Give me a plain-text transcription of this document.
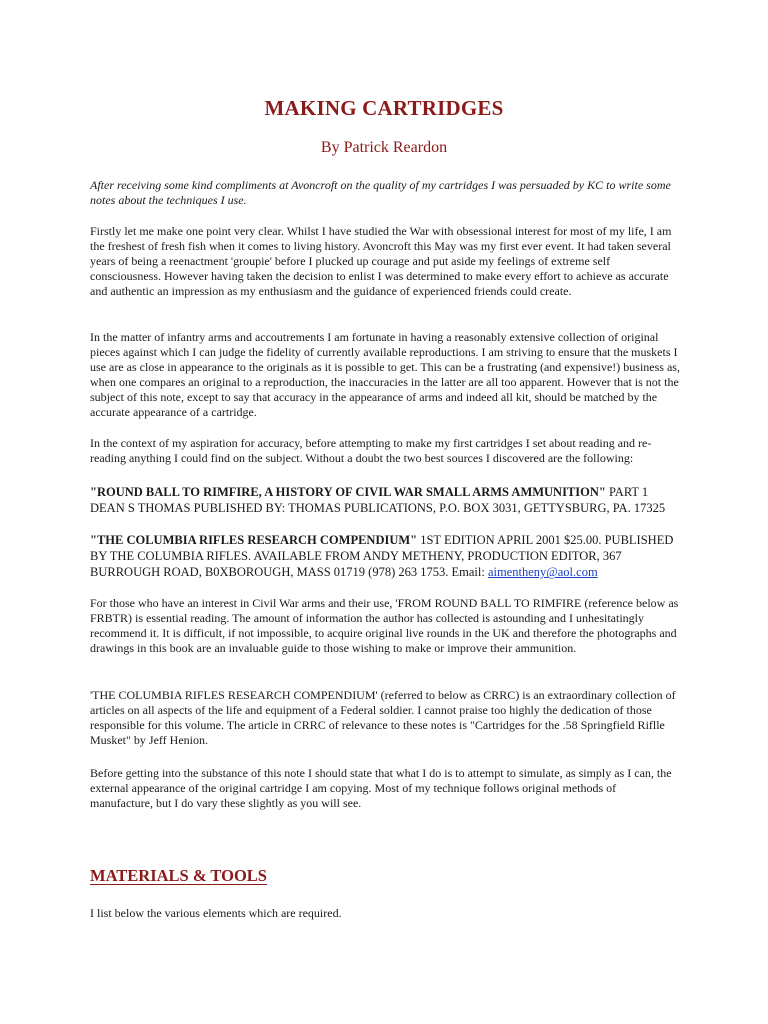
MAKING CARTRIDGES

By Patrick Reardon

After receiving some kind compliments at Avoncroft on the quality of my cartridges I was persuaded by KC to write some notes about the techniques I use.

Firstly let me make one point very clear. Whilst I have studied the War with obsessional interest for most of my life, I am the freshest of fresh fish when it comes to living history. Avoncroft this May was my first ever event. It had taken several years of being a reenactment 'groupie' before I plucked up courage and put aside my feelings of extreme self consciousness. However having taken the decision to enlist I was determined to make every effort to achieve as accurate and authentic an impression as my enthusiasm and the guidance of experienced friends could create.

In the matter of infantry arms and accoutrements I am fortunate in having a reasonably extensive collection of original pieces against which I can judge the fidelity of currently available reproductions. I am striving to ensure that the muskets I use are as close in appearance to the originals as it is possible to get. This can be a frustrating (and expensive!) business as, when one compares an original to a reproduction, the inaccuracies in the latter are all too apparent. However that is not the subject of this note, except to say that accuracy in the appearance of arms and indeed all kit, should be matched by the accurate appearance of a cartridge.

In the context of my aspiration for accuracy, before attempting to make my first cartridges I set about reading and re-reading anything I could find on the subject. Without a doubt the two best sources I discovered are the following:

"ROUND BALL TO RIMFIRE, A HISTORY OF CIVIL WAR SMALL ARMS AMMUNITION" PART 1 DEAN S THOMAS PUBLISHED BY: THOMAS PUBLICATIONS, P.O. BOX 3031, GETTYSBURG, PA. 17325

"THE COLUMBIA RIFLES RESEARCH COMPENDIUM" 1ST EDITION APRIL 2001 $25.00. PUBLISHED BY THE COLUMBIA RIFLES. AVAILABLE FROM ANDY METHENY, PRODUCTION EDITOR, 367 BURROUGH ROAD, B0XBOROUGH, MASS 01719 (978) 263 1753. Email: aimentheny@aol.com

For those who have an interest in Civil War arms and their use, 'FROM ROUND BALL TO RIMFIRE (reference below as FRBTR) is essential reading. The amount of information the author has collected is astounding and I unhesitatingly recommend it. It is difficult, if not impossible, to acquire original live rounds in the UK and therefore the photographs and drawings in this book are an invaluable guide to those wishing to make or improve their ammunition.

'THE COLUMBIA RIFLES RESEARCH COMPENDIUM' (referred to below as CRRC) is an extraordinary collection of articles on all aspects of the life and equipment of a Federal soldier. I cannot praise too highly the dedication of those responsible for this volume. The article in CRRC of relevance to these notes is "Cartridges for the .58 Springfield Riflle Musket" by Jeff Henion.

Before getting into the substance of this note I should state that what I do is to attempt to simulate, as simply as I can, the external appearance of the original cartridge I am copying. Most of my technique follows original methods of manufacture, but I do vary these slightly as you will see.

MATERIALS & TOOLS

I list below the various elements which are required.
